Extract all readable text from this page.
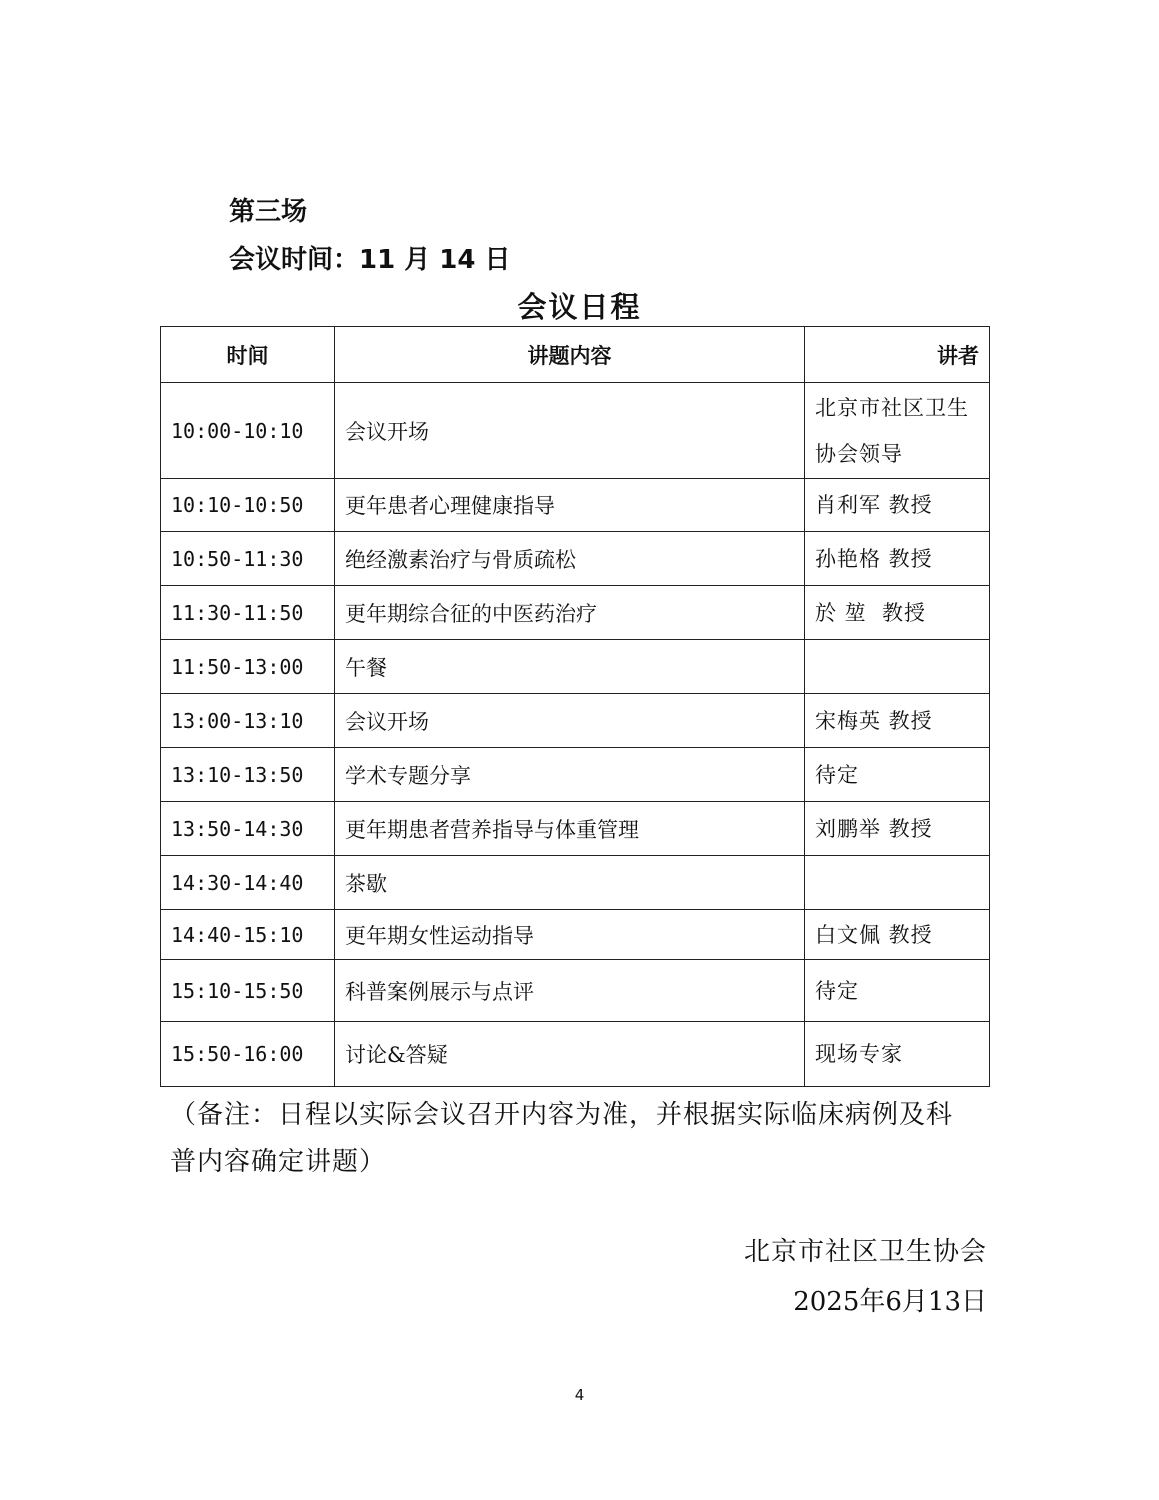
第三场
会议时间：11 月 14 日
会议日程
时间	讲题内容	讲者
10:00-10:10	会议开场	北京市社区卫生协会领导
10:10-10:50	更年患者心理健康指导	肖利军 教授
10:50-11:30	绝经激素治疗与骨质疏松	孙艳格 教授
11:30-11:50	更年期综合征的中医药治疗	於 堃  教授
11:50-13:00	午餐	
13:00-13:10	会议开场	宋梅英 教授
13:10-13:50	学术专题分享	待定
13:50-14:30	更年期患者营养指导与体重管理	刘鹏举 教授
14:30-14:40	茶歇	
14:40-15:10	更年期女性运动指导	白文佩 教授
15:10-15:50	科普案例展示与点评	待定
15:50-16:00	讨论&答疑	现场专家
（备注：日程以实际会议召开内容为准，并根据实际临床病例及科普内容确定讲题）
北京市社区卫生协会
2025年6月13日
4
